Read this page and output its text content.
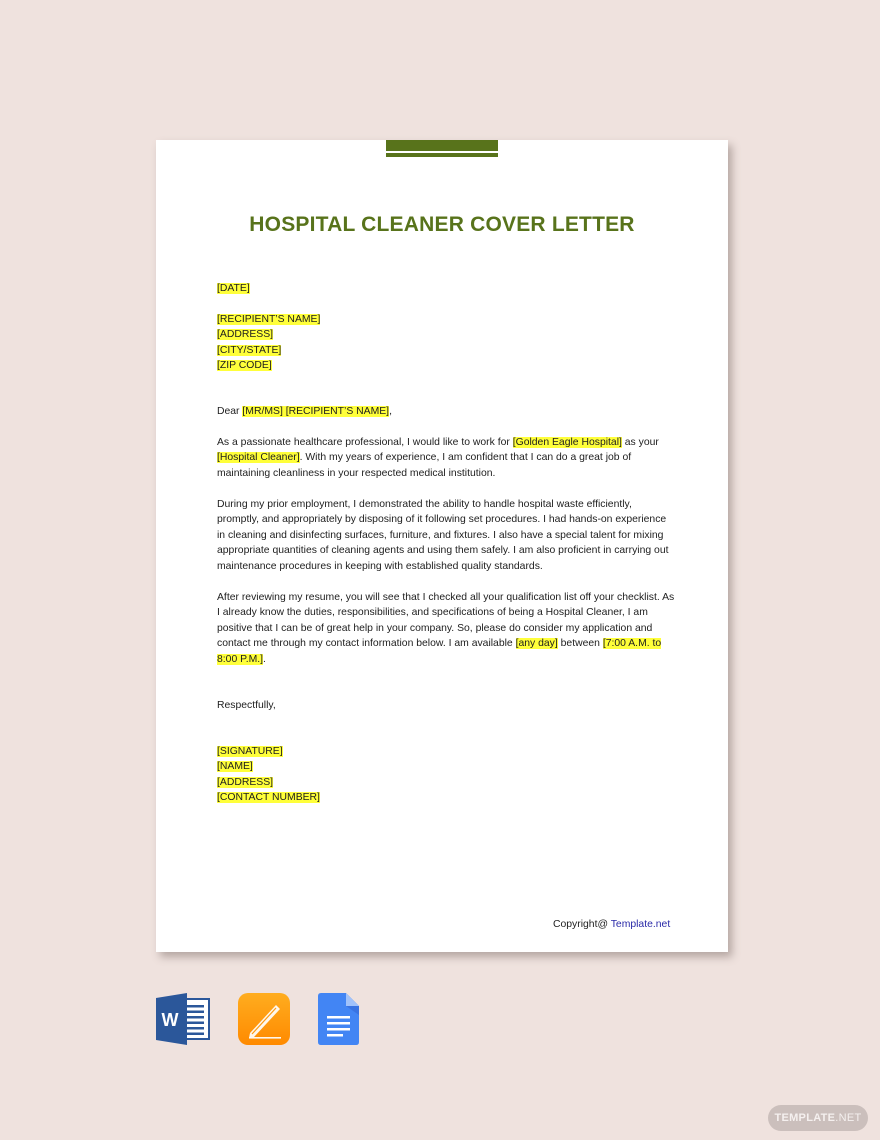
HOSPITAL CLEANER COVER LETTER
[DATE]
[RECIPIENT’S NAME]
[ADDRESS]
[CITY/STATE]
[ZIP CODE]
Dear [MR/MS] [RECIPIENT’S NAME],
As a passionate healthcare professional, I would like to work for [Golden Eagle Hospital] as your
[Hospital Cleaner]. With my years of experience, I am confident that I can do a great job of
maintaining cleanliness in your respected medical institution.
During my prior employment, I demonstrated the ability to handle hospital waste efficiently,
promptly, and appropriately by disposing of it following set procedures. I had hands-on experience
in cleaning and disinfecting surfaces, furniture, and fixtures. I also have a special talent for mixing
appropriate quantities of cleaning agents and using them safely. I am also proficient in carrying out
maintenance procedures in keeping with established quality standards.
After reviewing my resume, you will see that I checked all your qualification list off your checklist. As
I already know the duties, responsibilities, and specifications of being a Hospital Cleaner, I am
positive that I can be of great help in your company. So, please do consider my application and
contact me through my contact information below. I am available [any day] between [7:00 A.M. to
8:00 P.M.].
Respectfully,
[SIGNATURE]
[NAME]
[ADDRESS]
[CONTACT NUMBER]
Copyright@ Template.net
W
TEMPLATE.NET
